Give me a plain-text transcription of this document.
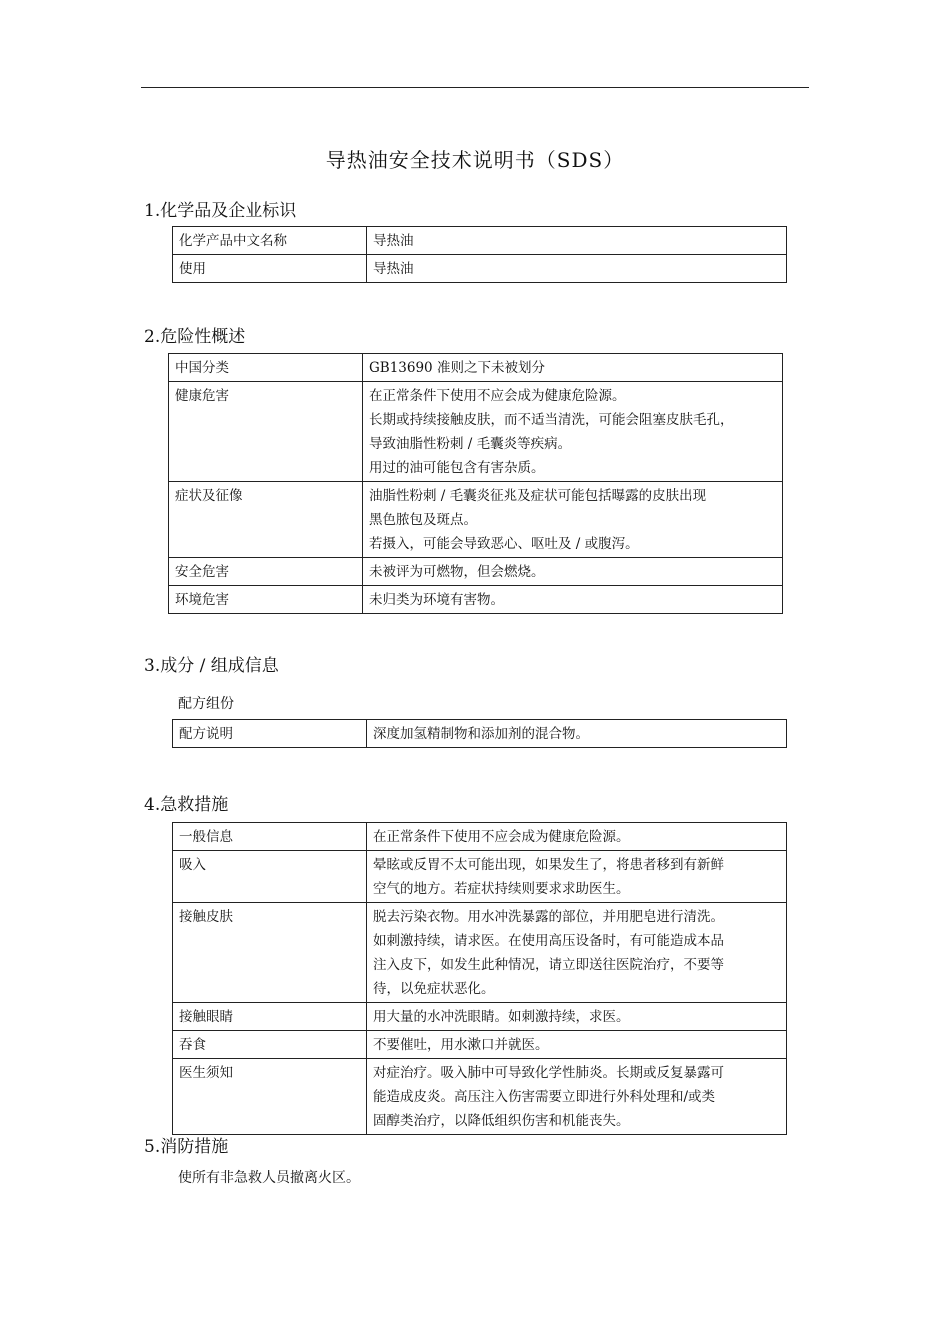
导热油安全技术说明书（SDS）
1.化学品及企业标识
化学产品中文名称	导热油

使用	导热油
2.危险性概述
中国分类	GB13690 准则之下未被划分

健康危害	在正常条件下使用不应会成为健康危险源。
长期或持续接触皮肤，而不适当清洗，可能会阻塞皮肤毛孔，
导致油脂性粉刺 / 毛囊炎等疾病。
用过的油可能包含有害杂质。

症状及征像	油脂性粉刺 / 毛囊炎征兆及症状可能包括曝露的皮肤出现
黑色脓包及斑点。
若摄入，可能会导致恶心、呕吐及 / 或腹泻。

安全危害	未被评为可燃物，但会燃烧。

环境危害	未归类为环境有害物。
3.成分 / 组成信息
配方组份
配方说明	深度加氢精制物和添加剂的混合物。
4.急救措施
一般信息	在正常条件下使用不应会成为健康危险源。

吸入	晕眩或反胃不太可能出现，如果发生了，将患者移到有新鲜
空气的地方。若症状持续则要求求助医生。

接触皮肤	脱去污染衣物。用水冲洗暴露的部位，并用肥皂进行清洗。
如刺激持续，请求医。在使用高压设备时，有可能造成本品
注入皮下，如发生此种情况，请立即送往医院治疗，不要等
待，以免症状恶化。

接触眼睛	用大量的水冲洗眼睛。如刺激持续，求医。

吞食	不要催吐，用水漱口并就医。

医生须知	对症治疗。吸入肺中可导致化学性肺炎。长期或反复暴露可
能造成皮炎。高压注入伤害需要立即进行外科处理和/或类
固醇类治疗，以降低组织伤害和机能丧失。
5.消防措施
使所有非急救人员撤离火区。
